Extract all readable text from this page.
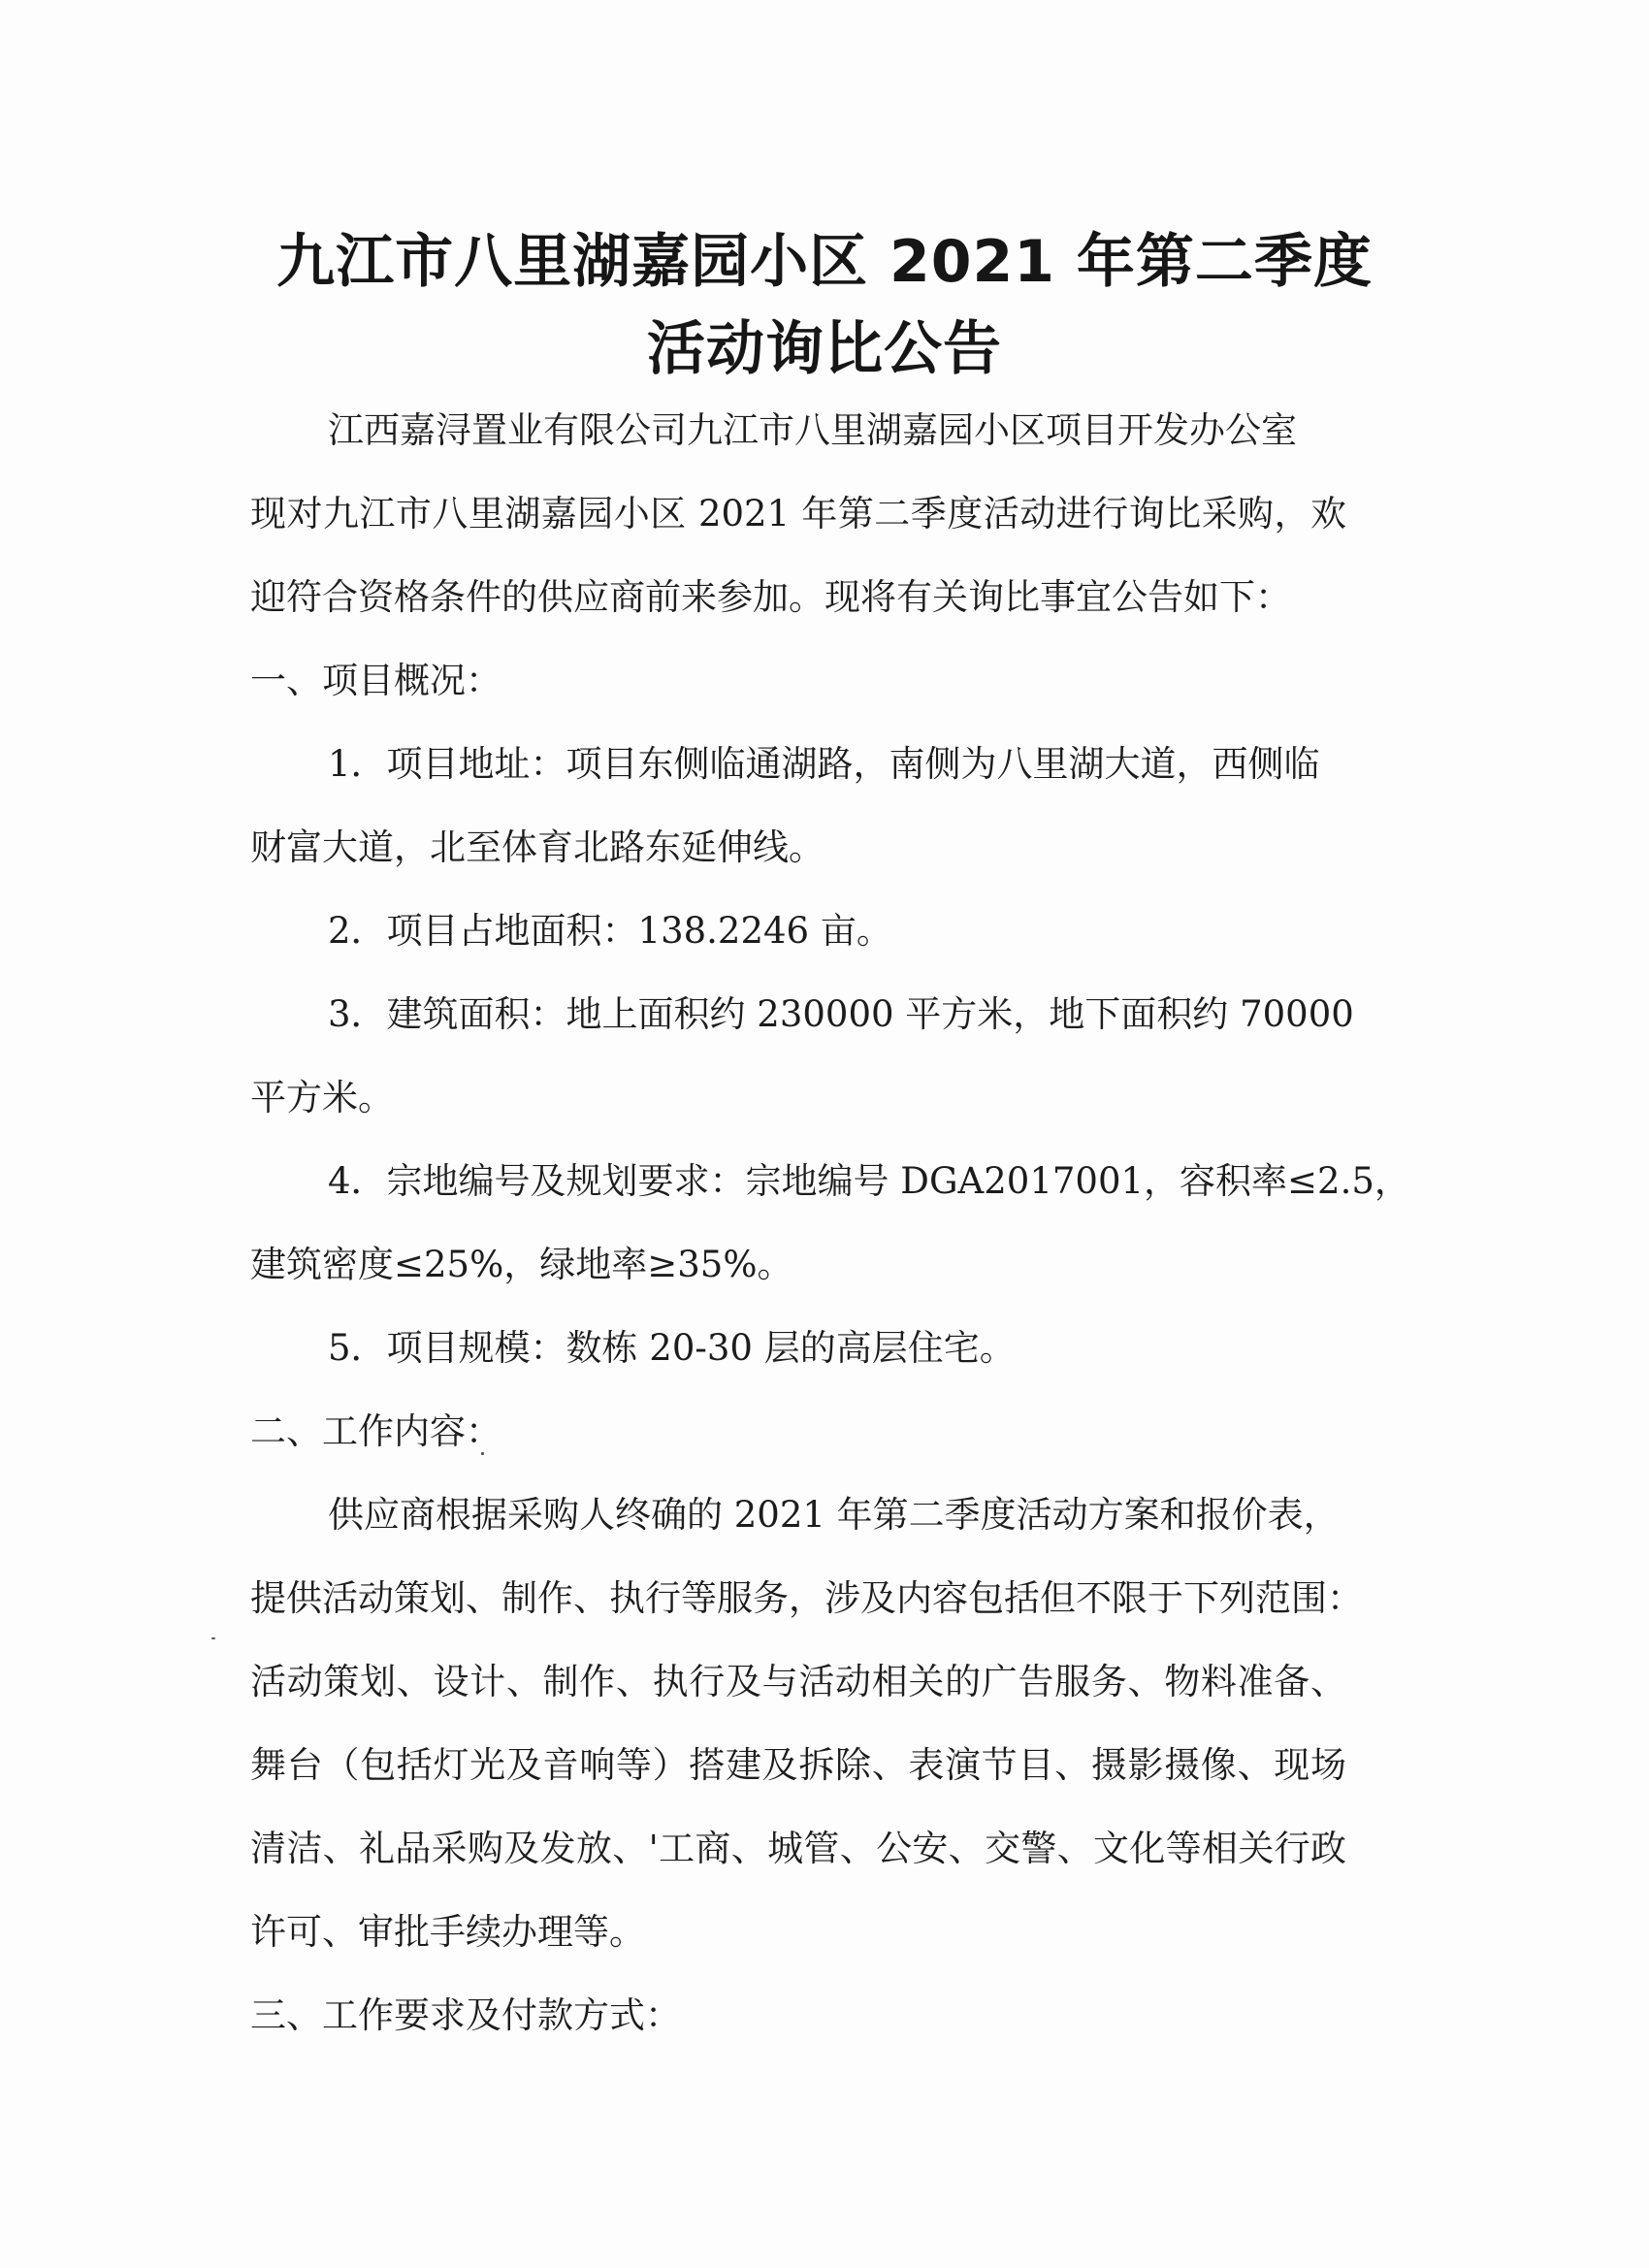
九江市八里湖嘉园小区 2021 年第二季度
活动询比公告

江西嘉浔置业有限公司九江市八里湖嘉园小区项目开发办公室

现对九江市八里湖嘉园小区 2021 年第二季度活动进行询比采购，欢

迎符合资格条件的供应商前来参加。现将有关询比事宜公告如下：

一、项目概况：

1．项目地址：项目东侧临通湖路，南侧为八里湖大道，西侧临

财富大道，北至体育北路东延伸线。

2．项目占地面积：138.2246 亩。

3．建筑面积：地上面积约 230000 平方米，地下面积约 70000

平方米。

4．宗地编号及规划要求：宗地编号 DGA2017001，容积率≤2.5，

建筑密度≤25%，绿地率≥35%。

5．项目规模：数栋 20-30 层的高层住宅。

二、工作内容：

供应商根据采购人终确的 2021 年第二季度活动方案和报价表，

提供活动策划、制作、执行等服务，涉及内容包括但不限于下列范围：

活动策划、设计、制作、执行及与活动相关的广告服务、物料准备、

舞台（包括灯光及音响等）搭建及拆除、表演节目、摄影摄像、现场

清洁、礼品采购及发放、'工商、城管、公安、交警、文化等相关行政

许可、审批手续办理等。

三、工作要求及付款方式：
